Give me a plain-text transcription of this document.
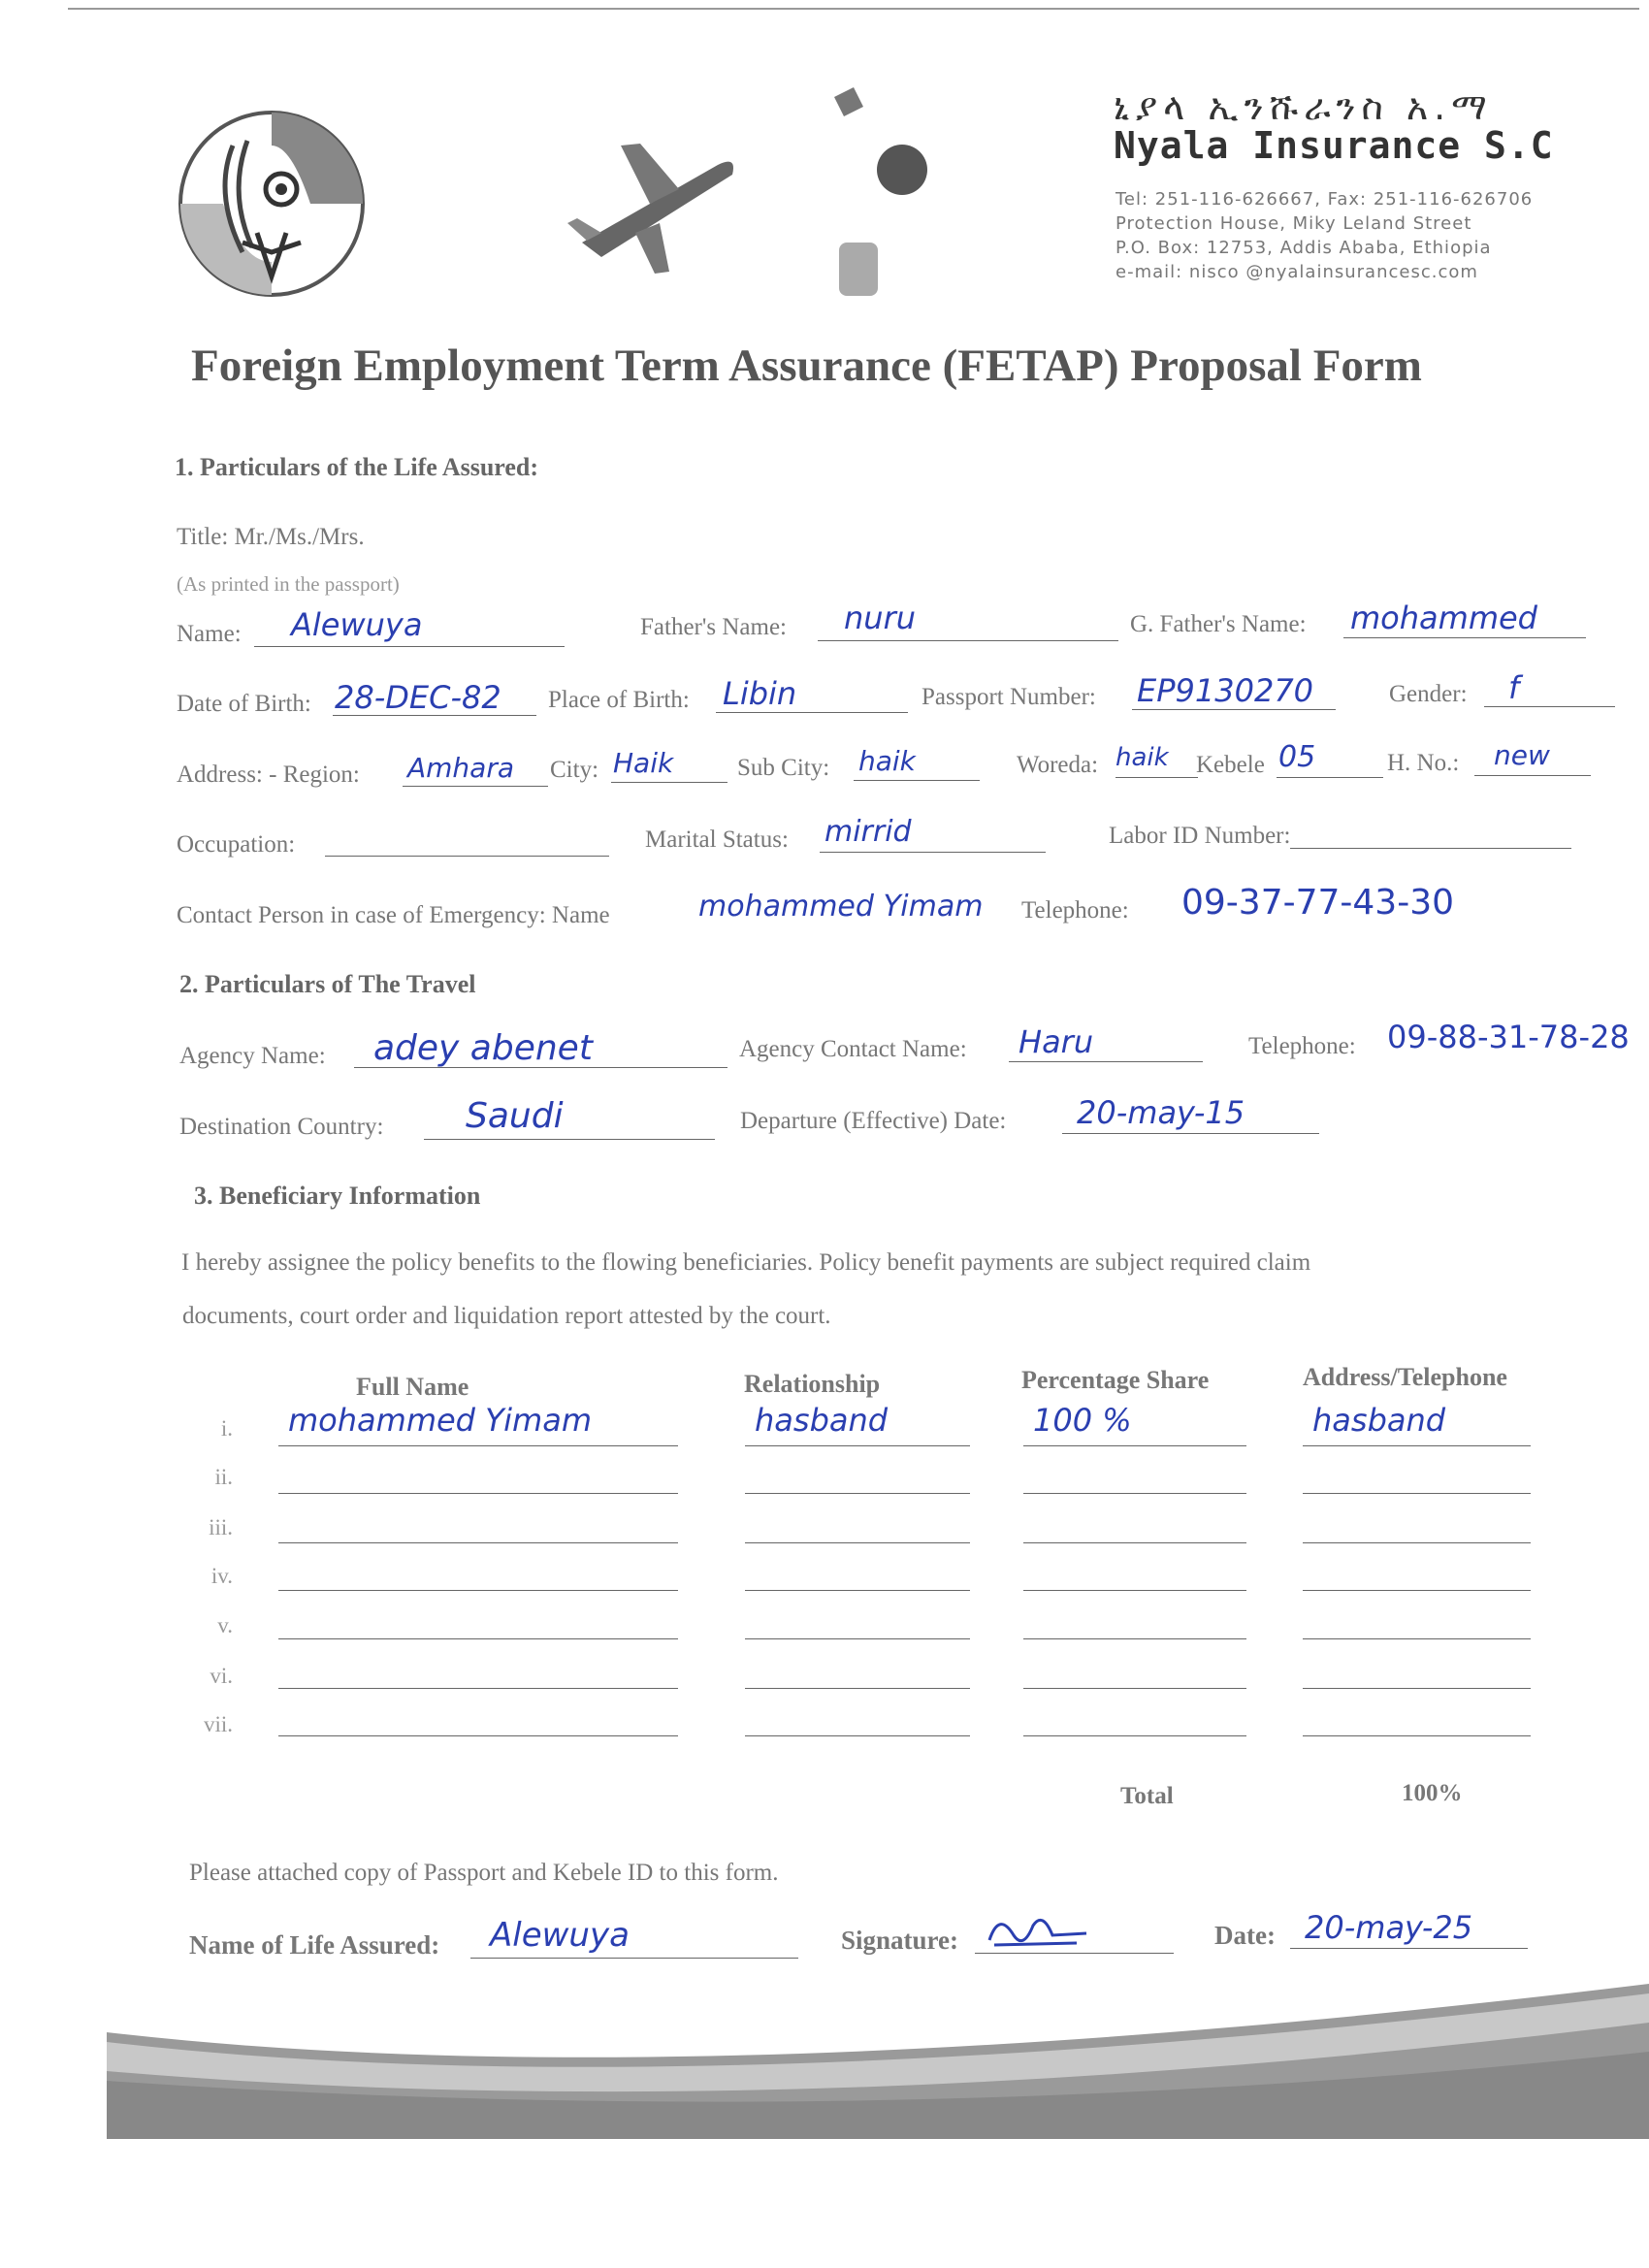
ኒያላ ኢንሹራንስ አ.ማ
Nyala Insurance S.C
Tel: 251-116-626667, Fax: 251-116-626706
Protection House, Miky Leland Street
P.O. Box: 12753, Addis Ababa, Ethiopia
e-mail: nisco @nyalainsurancesc.com
Foreign Employment Term Assurance (FETAP) Proposal Form
1. Particulars of the Life Assured:
Title: Mr./Ms./Mrs.
(As printed in the passport)
Name: Alewuya	Father's Name: nuru	G. Father's Name: mohammed
Date of Birth: 28-DEC-82 Place of Birth: Libin	Passport Number: EP9130270	Gender: f
Address: - Region: Amhara City: Haik	Sub City: haik	Woreda: haik Kebele 05	H. No.: new
Occupation:	Marital Status: mirrid	Labor ID Number:
Contact Person in case of Emergency: Name	mohammed Yimam Telephone: 09-37-77-43-30
2. Particulars of The Travel
Agency Name: adey abenet	Agency Contact Name: Haru	Telephone: 09-88-31-78-28
Destination Country: Saudi	Departure (Effective) Date: 20-may-15
3. Beneficiary Information
I hereby assignee the policy benefits to the flowing beneficiaries. Policy benefit payments are subject required claim
documents, court order and liquidation report attested by the court.
Full Name	Relationship	Percentage Share	Address/Telephone
i. mohammed Yimam	hasband	100 %	hasband
ii.
iii.
iv.
v.
vi.
vii.
Total	100%
Please attached copy of Passport and Kebele ID to this form.
Name of Life Assured: Alewuya	Signature:	Date: 20-may-25
